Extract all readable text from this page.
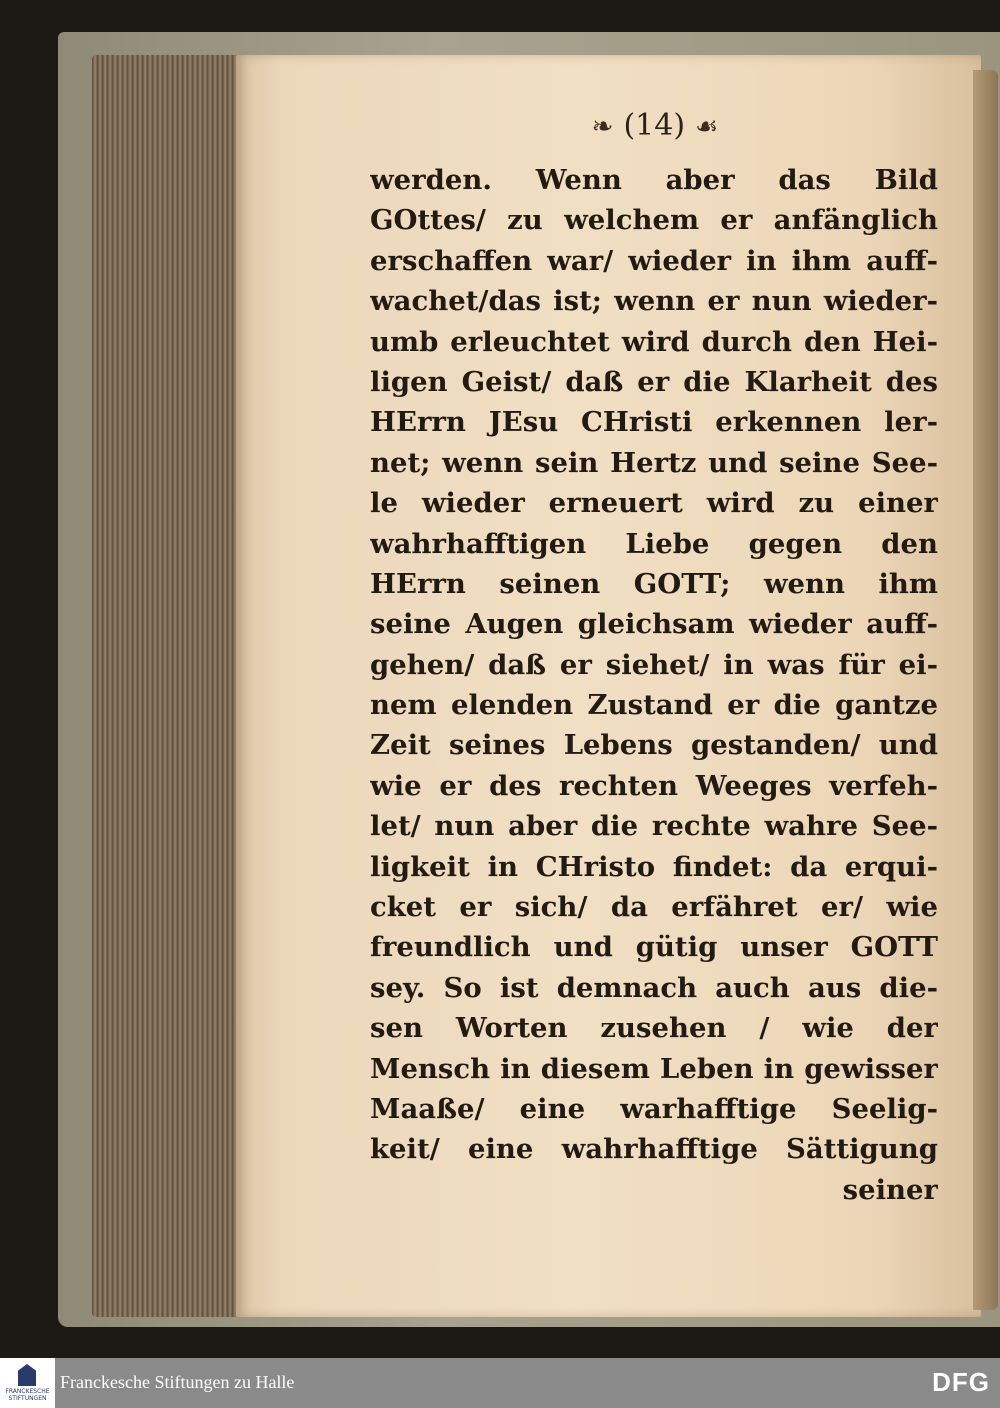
❧ (14) ☙
werden. Wenn aber das Bild
GOttes/ zu welchem er anfänglich
erschaffen war/ wieder in ihm auff-
wachet/das ist; wenn er nun wieder-
umb erleuchtet wird durch den Hei-
ligen Geist/ daß er die Klarheit des
HErrn JEsu CHristi erkennen ler-
net; wenn sein Hertz und seine See-
le wieder erneuert wird zu einer
wahrhafftigen Liebe gegen den
HErrn seinen GOTT; wenn ihm
seine Augen gleichsam wieder auff-
gehen/ daß er siehet/ in was für ei-
nem elenden Zustand er die gantze
Zeit seines Lebens gestanden/ und
wie er des rechten Weeges verfeh-
let/ nun aber die rechte wahre See-
ligkeit in CHristo findet: da erqui-
cket er sich/ da erfähret er/ wie
freundlich und gütig unser GOTT
sey. So ist demnach auch aus die-
sen Worten zusehen / wie der
Mensch in diesem Leben in gewisser
Maaße/ eine warhafftige Seelig-
keit/ eine wahrhafftige Sättigung
seiner
FRANCKESCHE
STIFTUNGEN
Franckesche Stiftungen zu Halle	DFG
